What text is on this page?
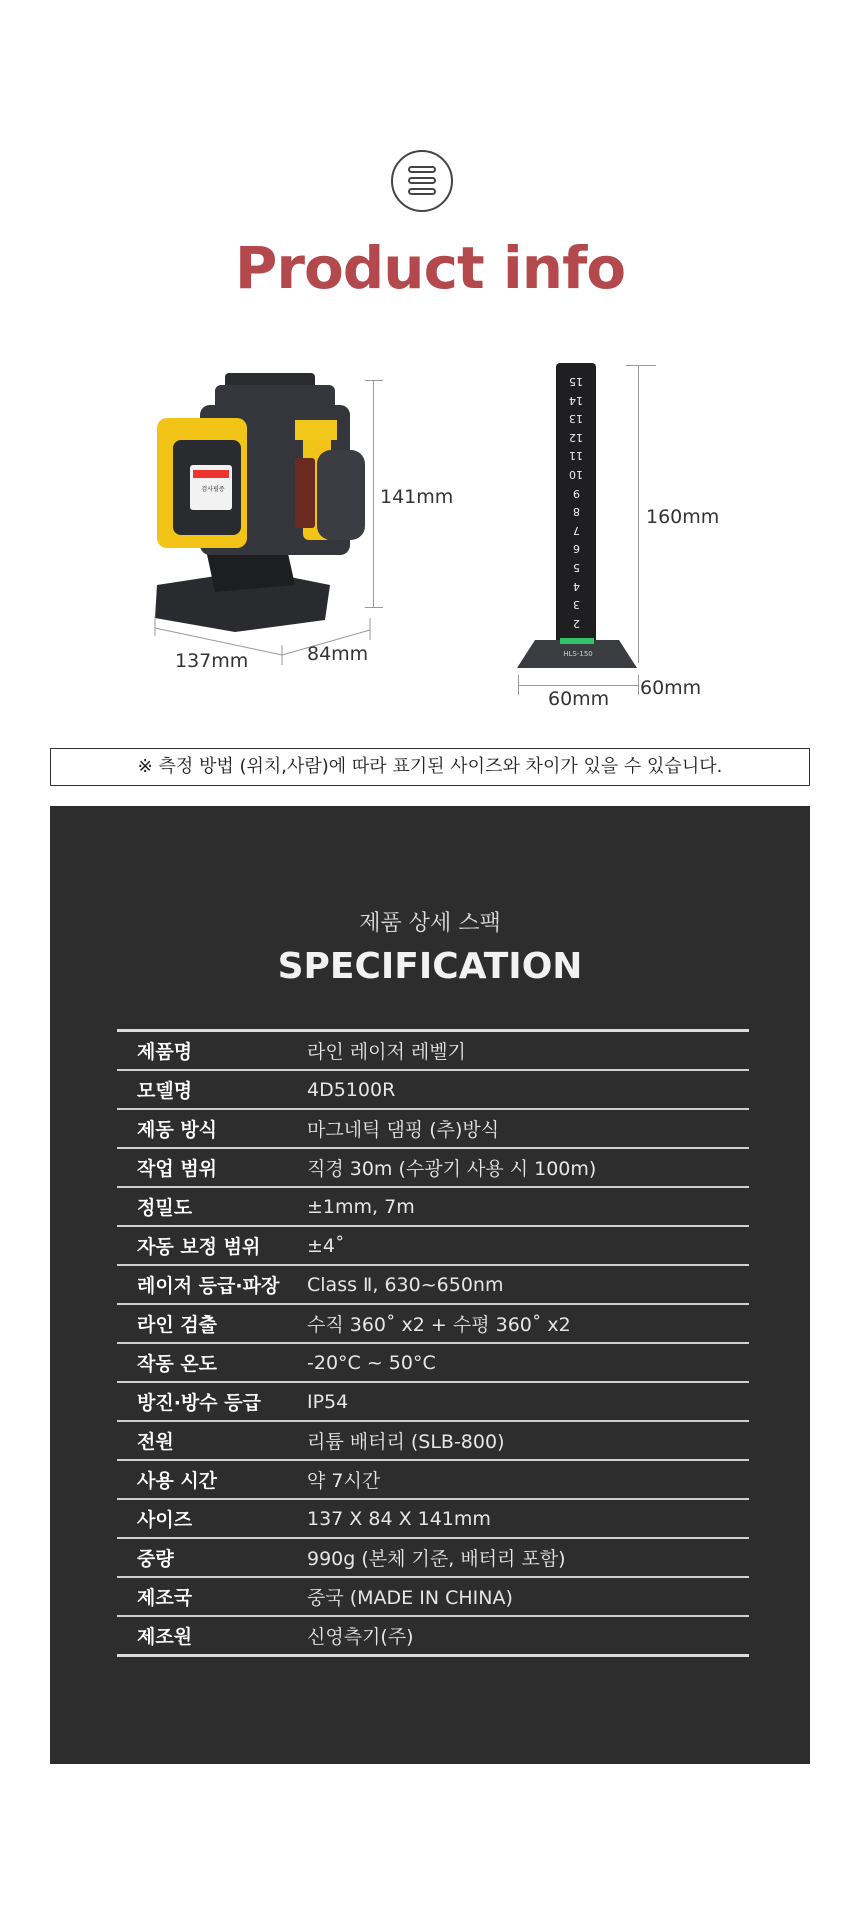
Product info
검사필증	141mm
137mm	84mm
15
14
13
12
11
10
9
8
7
6
5
4
3
2
HLS-150
160mm
60mm 60mm
※ 측정 방법 (위치,사람)에 따라 표기된 사이즈와 차이가 있을 수 있습니다.
제품 상세 스팩
SPECIFICATION
제품명	라인 레이저 레벨기
모델명	4D5100R
제동 방식	마그네틱 댐핑 (추)방식
작업 범위	직경 30m (수광기 사용 시 100m)
정밀도	±1mm, 7m
자동 보정 범위	±4˚
레이저 등급·파장	Class Ⅱ, 630~650nm
라인 검출	수직 360˚ x2 + 수평 360˚ x2
작동 온도	-20°C ~ 50°C
방진·방수 등급	IP54
전원	리튬 배터리 (SLB-800)
사용 시간	약 7시간
사이즈	137 X 84 X 141mm
중량	990g (본체 기준, 배터리 포함)
제조국	중국 (MADE IN CHINA)
제조원	신영측기(주)
